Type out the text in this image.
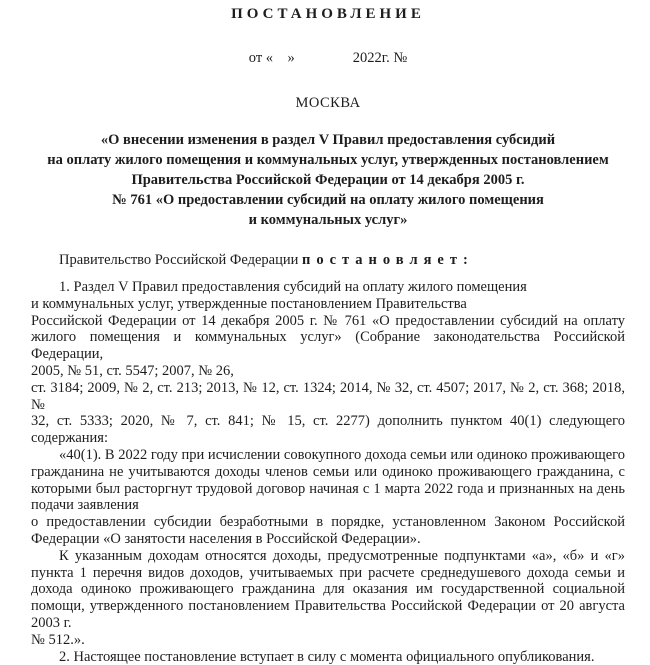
ПОСТАНОВЛЕНИЕ
от «    »                2022г. №
МОСКВА
«О внесении изменения в раздел V Правил предоставления субсидий
на оплату жилого помещения и коммунальных услуг, утвержденных постановлением
Правительства Российской Федерации от 14 декабря 2005 г.
№ 761 «О предоставлении субсидий на оплату жилого помещения
и коммунальных услуг»
Правительство Российской Федерации постановляет:
1. Раздел V Правил предоставления субсидий на оплату жилого помещения
и коммунальных услуг, утвержденные постановлением Правительства
Российской Федерации от 14 декабря 2005 г. № 761 «О предоставлении субсидий на оплату
жилого помещения и коммунальных услуг» (Собрание законодательства Российской Федерации,
2005, № 51, ст. 5547; 2007, № 26,
ст. 3184; 2009, № 2, ст. 213; 2013, № 12, ст. 1324; 2014, № 32, ст. 4507; 2017, № 2, ст. 368; 2018, №
32, ст. 5333; 2020, № 7, ст. 841; № 15, ст. 2277) дополнить пунктом 40(1) следующего содержания:
«40(1). В 2022 году при исчислении совокупного дохода семьи или одиноко проживающего
гражданина не учитываются доходы членов семьи или одиноко проживающего гражданина, с
которыми был расторгнут трудовой договор начиная с 1 марта 2022 года и признанных на день
подачи заявления
о предоставлении субсидии безработными в порядке, установленном Законом Российской
Федерации «О занятости населения в Российской Федерации».
К указанным доходам относятся доходы, предусмотренные подпунктами «а», «б» и «г»
пункта 1 перечня видов доходов, учитываемых при расчете среднедушевого дохода семьи и
дохода одиноко проживающего гражданина для оказания им государственной социальной
помощи, утвержденного постановлением Правительства Российской Федерации от 20 августа
2003 г.
№ 512.».
2. Настоящее постановление вступает в силу с момента официального опубликования.
